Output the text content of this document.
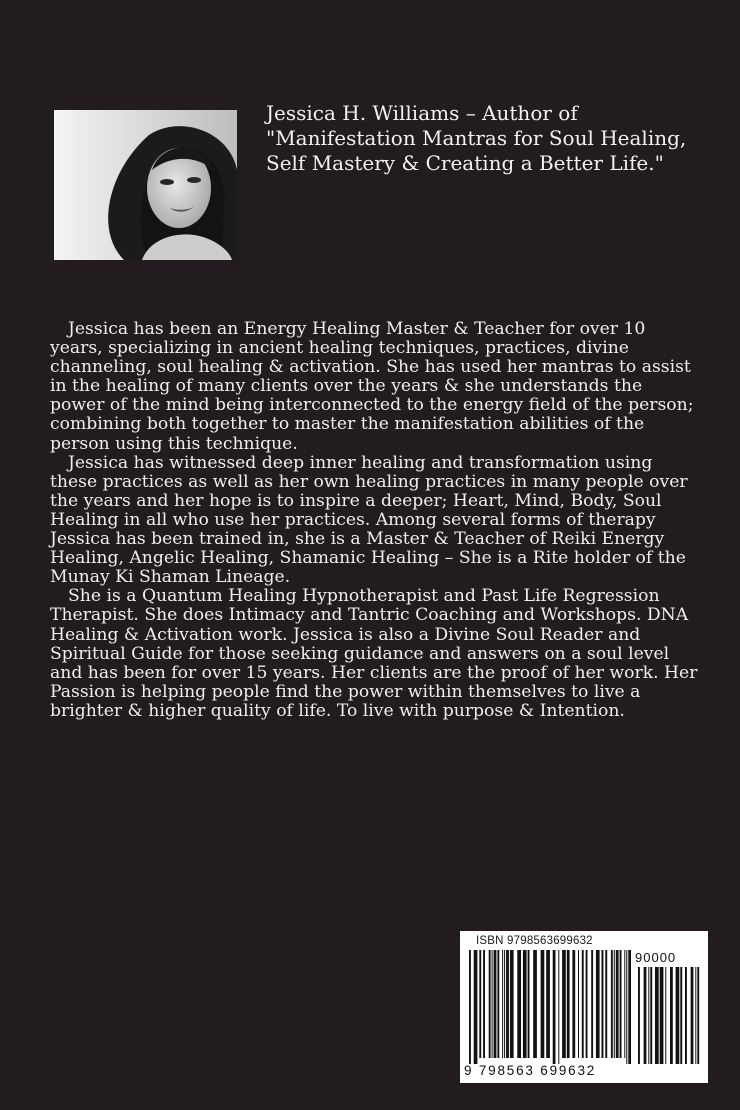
Jessica H. Williams – Author of "Manifestation Mantras for Soul Healing, Self Mastery & Creating a Better Life."

Jessica has been an Energy Healing Master & Teacher for over 10 years, specializing in ancient healing techniques, practices, divine channeling, soul healing & activation. She has used her mantras to assist in the healing of many clients over the years & she understands the power of the mind being interconnected to the energy field of the person; combining both together to master the manifestation abilities of the person using this technique.

Jessica has witnessed deep inner healing and transformation using these practices as well as her own healing practices in many people over the years and her hope is to inspire a deeper; Heart, Mind, Body, Soul Healing in all who use her practices. Among several forms of therapy Jessica has been trained in, she is a Master & Teacher of Reiki Energy Healing, Angelic Healing, Shamanic Healing – She is a Rite holder of the Munay Ki Shaman Lineage.

She is a Quantum Healing Hypnotherapist and Past Life Regression Therapist. She does Intimacy and Tantric Coaching and Workshops. DNA Healing & Activation work. Jessica is also a Divine Soul Reader and Spiritual Guide for those seeking guidance and answers on a soul level and has been for over 15 years. Her clients are the proof of her work. Her Passion is helping people find the power within themselves to live a brighter & higher quality of life. To live with purpose & Intention.

ISBN 9798563699632
90000
9 798563 699632
